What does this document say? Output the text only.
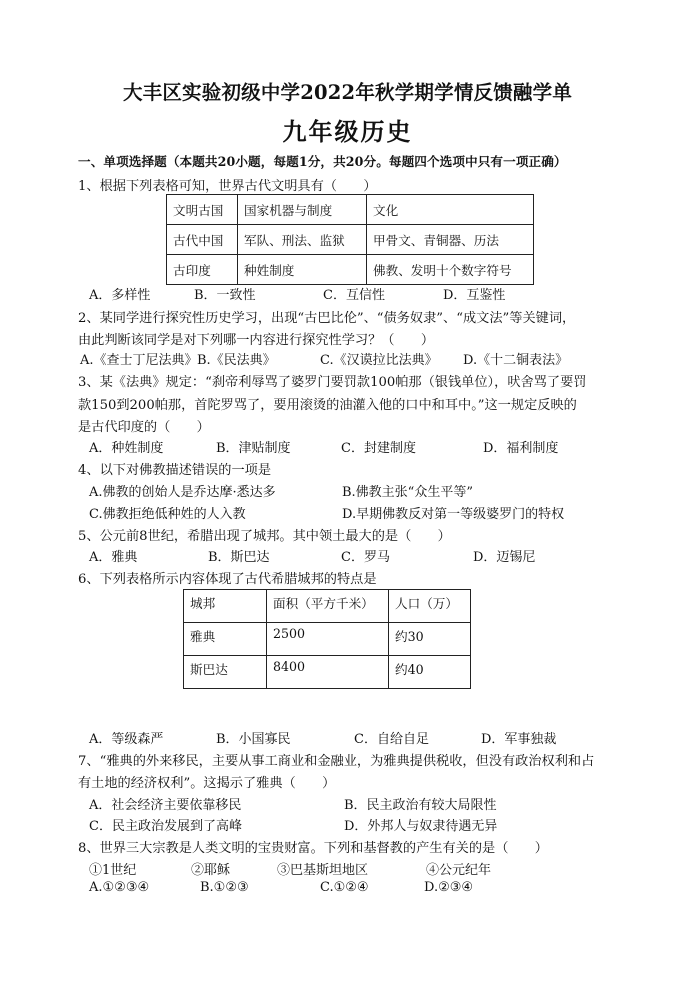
大丰区实验初级中学2022年秋学期学情反馈融学单
九年级历史
一、单项选择题（本题共20小题，每题1分，共20分。每题四个选项中只有一项正确）
1、根据下列表格可知，世界古代文明具有（　　）
文明古国	国家机器与制度	文化
古代中国	军队、刑法、监狱	甲骨文、青铜器、历法
古印度	种姓制度	佛教、发明十个数字符号
A．多样性	B．一致性	C．互信性	D．互鉴性
2、某同学进行探究性历史学习，出现“古巴比伦”、“债务奴隶”、“成文法”等关键词，
由此判断该同学是对下列哪一内容进行探究性学习？（　　）
A.《查士丁尼法典》 B.《民法典》	C.《汉谟拉比法典》 D.《十二铜表法》
3、某《法典》规定：“刹帝利辱骂了婆罗门要罚款100帕那（银钱单位），吠舍骂了要罚
款150到200帕那，首陀罗骂了，要用滚烫的油灌入他的口中和耳中。”这一规定反映的
是古代印度的（　　）
A．种姓制度	B．津贴制度	C．封建制度	D．福利制度
4、以下对佛教描述错误的一项是
A.佛教的创始人是乔达摩·悉达多	B.佛教主张“众生平等”
C.佛教拒绝低种姓的人入教	D.早期佛教反对第一等级婆罗门的特权
5、公元前8世纪，希腊出现了城邦。其中领土最大的是（　　）
A．雅典	B．斯巴达	C．罗马	D．迈锡尼
6、下列表格所示内容体现了古代希腊城邦的特点是
城邦	面积（平方千米）	人口（万）
雅典	2500	约30
斯巴达	8400	约40
A．等级森严	B．小国寡民	C．自给自足	D．军事独裁
7、“雅典的外来移民，主要从事工商业和金融业，为雅典提供税收，但没有政治权利和占
有土地的经济权利”。这揭示了雅典（　　）
A．社会经济主要依靠移民	B．民主政治有较大局限性
C．民主政治发展到了高峰	D．外邦人与奴隶待遇无异
8、世界三大宗教是人类文明的宝贵财富。下列和基督教的产生有关的是（　　）
①1世纪	②耶稣	③巴基斯坦地区	④公元纪年
A.①②③④	B.①②③	C.①②④	D.②③④
